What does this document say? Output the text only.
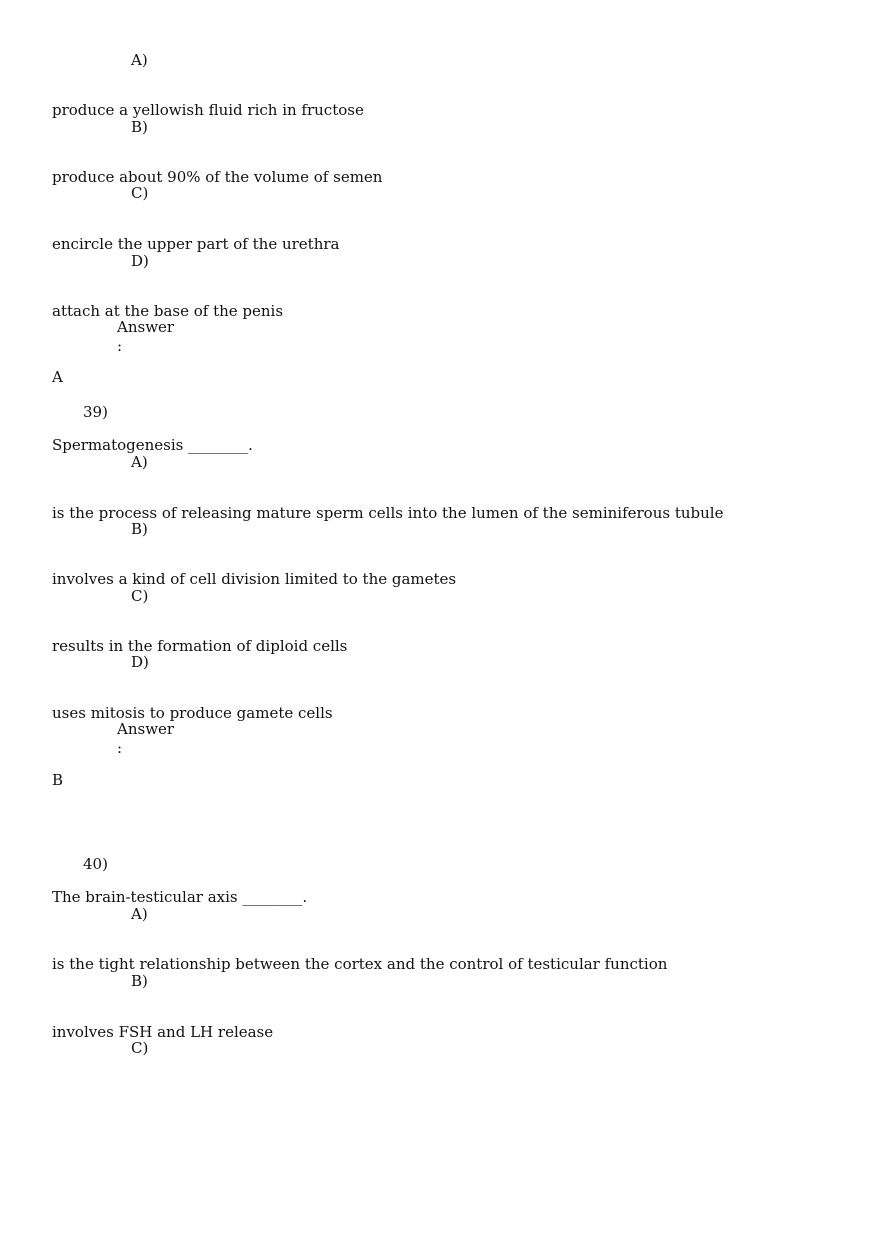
A)

produce a yellowish fluid rich in fructose

B)

produce about 90% of the volume of semen

C)

encircle the upper part of the urethra

D)

attach at the base of the penis

Answer

:

A

39)

Spermatogenesis ________.

A)

is the process of releasing mature sperm cells into the lumen of the seminiferous tubule

B)

involves a kind of cell division limited to the gametes

C)

results in the formation of diploid cells

D)

uses mitosis to produce gamete cells

Answer

:

B

40)

The brain-testicular axis ________.

A)

is the tight relationship between the cortex and the control of testicular function

B)

involves FSH and LH release

C)
